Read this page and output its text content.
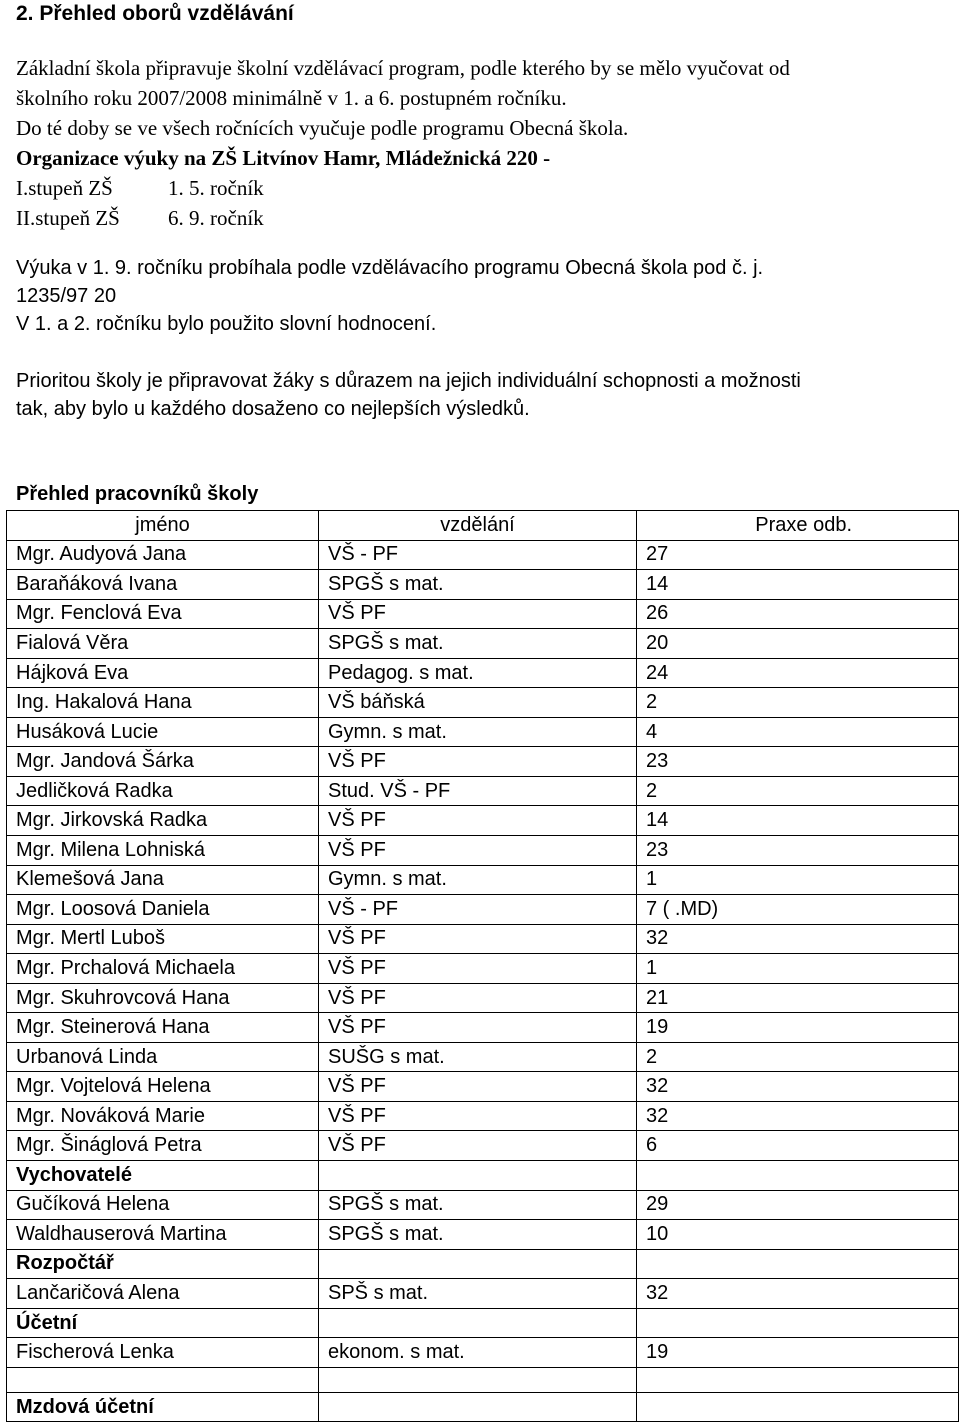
2. Přehled oborů vzdělávání
Základní škola připravuje školní vzdělávací program, podle kterého by se mělo vyučovat od
školního roku 2007/2008 minimálně v 1. a 6. postupném ročníku.
Do té doby se ve všech ročnících vyučuje podle programu Obecná škola.
Organizace výuky na ZŠ Litvínov Hamr, Mládežnická 220 -
I.stupeň ZŠ	1. 5. ročník
II.stupeň ZŠ 6. 9. ročník
Výuka v 1. 9. ročníku probíhala podle vzdělávacího programu Obecná škola pod č. j.
1235/97 20
V 1. a 2. ročníku bylo použito slovní hodnocení.
Prioritou školy je připravovat žáky s důrazem na jejich individuální schopnosti a možnosti
tak, aby bylo u každého dosaženo co nejlepších výsledků.
Přehled pracovníků školy
jméno	vzdělání	Praxe odb.
Mgr. Audyová Jana	VŠ - PF	27
Baraňáková Ivana	SPGŠ s mat.	14
Mgr. Fenclová Eva	VŠ PF	26
Fialová Věra	SPGŠ s mat.	20
Hájková Eva	Pedagog. s mat.	24
Ing. Hakalová Hana	VŠ báňská	2
Husáková Lucie	Gymn. s mat.	4
Mgr. Jandová Šárka	VŠ PF	23
Jedličková Radka	Stud. VŠ - PF	2
Mgr. Jirkovská Radka	VŠ PF	14
Mgr. Milena Lohniská	VŠ PF	23
Klemešová Jana	Gymn. s mat.	1
Mgr. Loosová Daniela	VŠ - PF	7 ( .MD)
Mgr. Mertl Luboš	VŠ PF	32
Mgr. Prchalová Michaela	VŠ PF	1
Mgr. Skuhrovcová Hana	VŠ PF	21
Mgr. Steinerová Hana	VŠ PF	19
Urbanová Linda	SUŠG s mat.	2
Mgr. Vojtelová Helena	VŠ PF	32
Mgr. Nováková Marie	VŠ PF	32
Mgr. Šináglová Petra	VŠ PF	6
Vychovatelé		
Gučíková Helena	SPGŠ s mat.	29
Waldhauserová Martina	SPGŠ s mat.	10
Rozpočtář		
Lančaričová Alena	SPŠ s mat.	32
Účetní		
Fischerová Lenka	ekonom. s mat.	19

Mzdová účetní		
